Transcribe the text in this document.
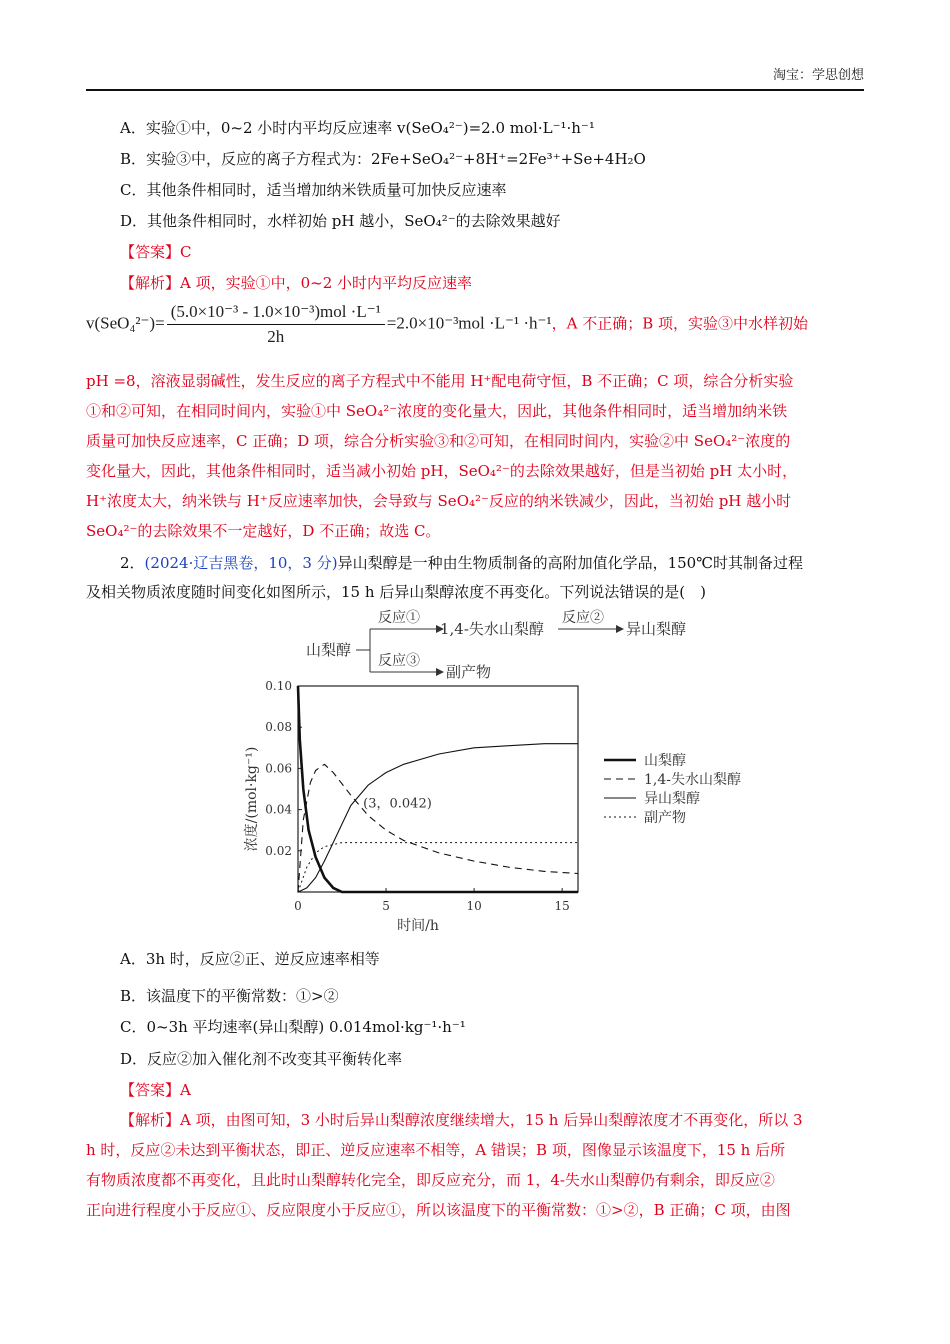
淘宝：学思创想
A．实验①中，0~2 小时内平均反应速率 v(SeO₄²⁻)=2.0 mol·L⁻¹·h⁻¹
B．实验③中，反应的离子方程式为：2Fe+SeO₄²⁻+8H⁺=2Fe³⁺+Se+4H₂O
C．其他条件相同时，适当增加纳米铁质量可加快反应速率
D．其他条件相同时，水样初始 pH 越小，SeO₄²⁻的去除效果越好
【答案】C
【解析】A 项，实验①中，0~2 小时内平均反应速率
$v(SeO_4^{2-})= \frac{\text{(5.0×10⁻³ - 1.0×10⁻³)mol ·L⁻¹}}{2h} =2.0\times 10^{-3}mol \cdot L^{-1} \cdot h^{-1}$，A 不正确；B 项，实验③中水样初始
pH =8，溶液显弱碱性，发生反应的离子方程式中不能用 H⁺配电荷守恒，B 不正确；C 项，综合分析实验
①和②可知，在相同时间内，实验①中 SeO₄²⁻浓度的变化量大，因此，其他条件相同时，适当增加纳米铁
质量可加快反应速率，C 正确；D 项，综合分析实验③和②可知，在相同时间内，实验②中 SeO₄²⁻浓度的
变化量大，因此，其他条件相同时，适当减小初始 pH，SeO₄²⁻的去除效果越好，但是当初始 pH 太小时，
H⁺浓度太大，纳米铁与 H⁺反应速率加快，会导致与 SeO₄²⁻反应的纳米铁减少，因此，当初始 pH 越小时
SeO₄²⁻的去除效果不一定越好，D 不正确；故选 C。
2．(2024·辽吉黑卷，10，3 分)异山梨醇是一种由生物质制备的高附加值化学品，150℃时其制备过程
及相关物质浓度随时间变化如图所示，15 h 后异山梨醇浓度不再变化。下列说法错误的是(　)
山梨醇
反应①
1,4-失水山梨醇
反应②
异山梨醇
反应③
副产物
0.02
0.04
0.06
0.08
0.10
0	5	10	15
(3，0.042)
时间/h
浓度/(mol·kg⁻¹)	山梨醇
1,4-失水山梨醇
异山梨醇
副产物
A．3h 时，反应②正、逆反应速率相等
B．该温度下的平衡常数：①>②
C．0~3h 平均速率(异山梨醇) 0.014mol·kg⁻¹·h⁻¹
D．反应②加入催化剂不改变其平衡转化率
【答案】A
【解析】A 项，由图可知，3 小时后异山梨醇浓度继续增大，15 h 后异山梨醇浓度才不再变化，所以 3
h 时，反应②未达到平衡状态，即正、逆反应速率不相等，A 错误；B 项，图像显示该温度下，15 h 后所
有物质浓度都不再变化，且此时山梨醇转化完全，即反应充分，而 1，4-失水山梨醇仍有剩余，即反应②
正向进行程度小于反应①、反应限度小于反应①，所以该温度下的平衡常数：①>②，B 正确；C 项，由图
